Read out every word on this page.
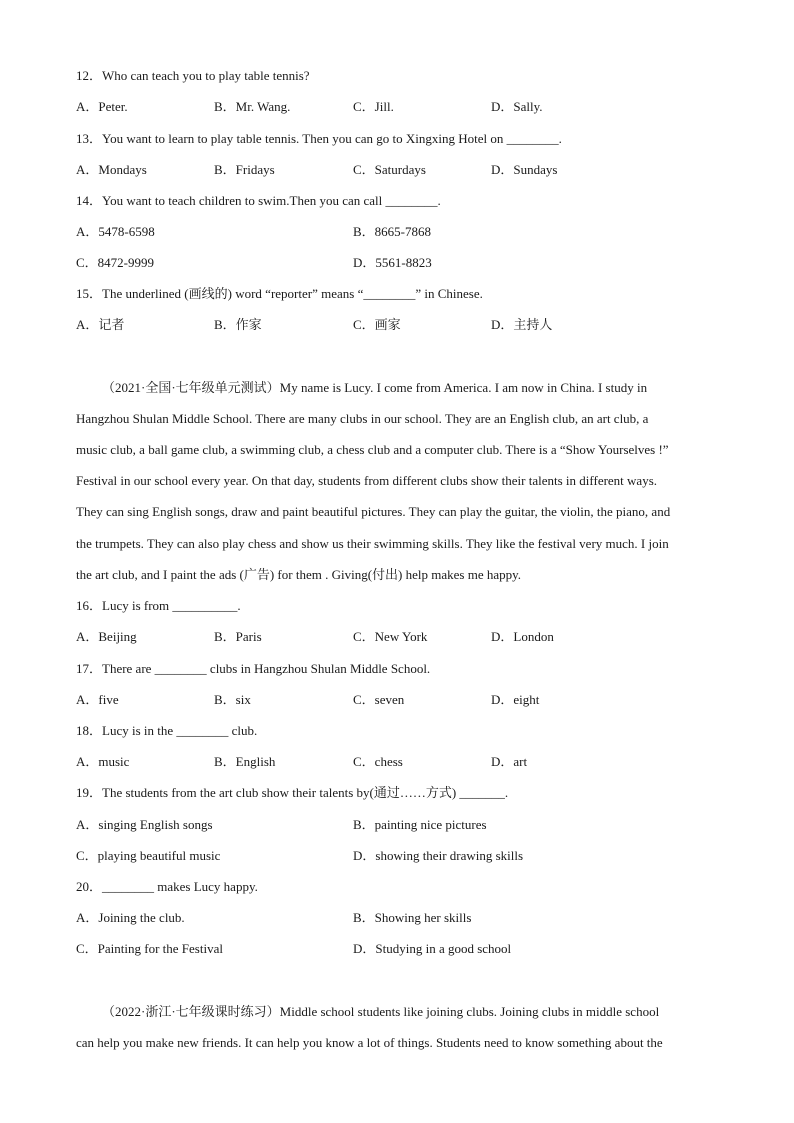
12．Who can teach you to play table tennis?
A．Peter.	B．Mr. Wang.	C．Jill.	D．Sally.
13．You want to learn to play table tennis. Then you can go to Xingxing Hotel on ________.
A．Mondays	B．Fridays	C．Saturdays	D．Sundays
14．You want to teach children to swim.Then you can call ________.
A．5478-6598	B．8665-7868
C．8472-9999	D．5561-8823
15．The underlined (画线的) word “reporter” means “________” in Chinese.
A．记者	B．作家	C．画家	D．主持人
（2021·全国·七年级单元测试）My name is Lucy. I come from America. I am now in China. I study in
Hangzhou Shulan Middle School. There are many clubs in our school. They are an English club, an art club, a
music club, a ball game club, a swimming club, a chess club and a computer club. There is a “Show Yourselves !”
Festival in our school every year. On that day, students from different clubs show their talents in different ways.
They can sing English songs, draw and paint beautiful pictures. They can play the guitar, the violin, the piano, and
the trumpets. They can also play chess and show us their swimming skills. They like the festival very much. I join
the art club, and I paint the ads (广告) for them . Giving(付出) help makes me happy.
16．Lucy is from __________.
A．Beijing	B．Paris	C．New York	D．London
17．There are ________ clubs in Hangzhou Shulan Middle School.
A．five	B．six	C．seven	D．eight
18．Lucy is in the ________ club.
A．music	B．English	C．chess	D．art
19．The students from the art club show their talents by(通过……方式) _______.
A．singing English songs	B．painting nice pictures
C．playing beautiful music	D．showing their drawing skills
20．________ makes Lucy happy.
A．Joining the club.	B．Showing her skills
C．Painting for the Festival	D．Studying in a good school
（2022·浙江·七年级课时练习）Middle school students like joining clubs. Joining clubs in middle school
can help you make new friends. It can help you know a lot of things. Students need to know something about the
